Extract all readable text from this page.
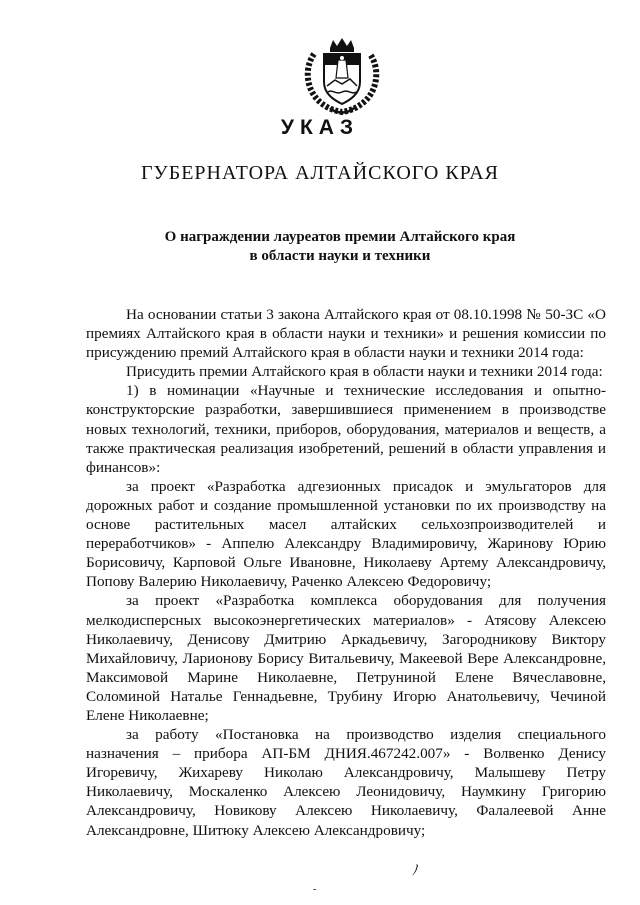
УКАЗ
ГУБЕРНАТОРА АЛТАЙСКОГО КРАЯ
О награждении лауреатов премии Алтайского края
в области науки и техники

На основании статьи 3 закона Алтайского края от 08.10.1998 № 50-ЗС «О премиях Алтайского края в области науки и техники» и решения комиссии по присуждению премий Алтайского края в области науки и техники 2014 года:

Присудить премии Алтайского края в области науки и техники 2014 года:

1) в номинации «Научные и технические исследования и опытно-конструкторские разработки, завершившиеся применением в производстве новых технологий, техники, приборов, оборудования, материалов и веществ, а также практическая реализация изобретений, решений в области управления и финансов»:

за проект «Разработка адгезионных присадок и эмульгаторов для дорожных работ и создание промышленной установки по их производству на основе растительных масел алтайских сельхозпроизводителей и переработчиков» - Аппелю Александру Владимировичу, Жаринову Юрию Борисовичу, Карповой Ольге Ивановне, Николаеву Артему Александровичу, Попову Валерию Николаевичу, Раченко Алексею Федоровичу;

за проект «Разработка комплекса оборудования для получения мелкодисперсных высокоэнергетических материалов» - Атясову Алексею Николаевичу, Денисову Дмитрию Аркадьевичу, Загородникову Виктору Михайловичу, Ларионову Борису Витальевичу, Макеевой Вере Александровне, Максимовой Марине Николаевне, Петруниной Елене Вячеславовне, Соломиной Наталье Геннадьевне, Трубину Игорю Анатольевичу, Чечиной Елене Николаевне;

за работу «Постановка на производство изделия специального назначения – прибора АП-БМ ДНИЯ.467242.007» - Волвенко Денису Игоревичу, Жихареву Николаю Александровичу, Малышеву Петру Николаевичу, Москаленко Алексею Леонидовичу, Наумкину Григорию Александровичу, Новикову Алексею Николаевичу, Фалалеевой Анне Александровне, Шитюку Алексею Александровичу;

ﾉ
-
